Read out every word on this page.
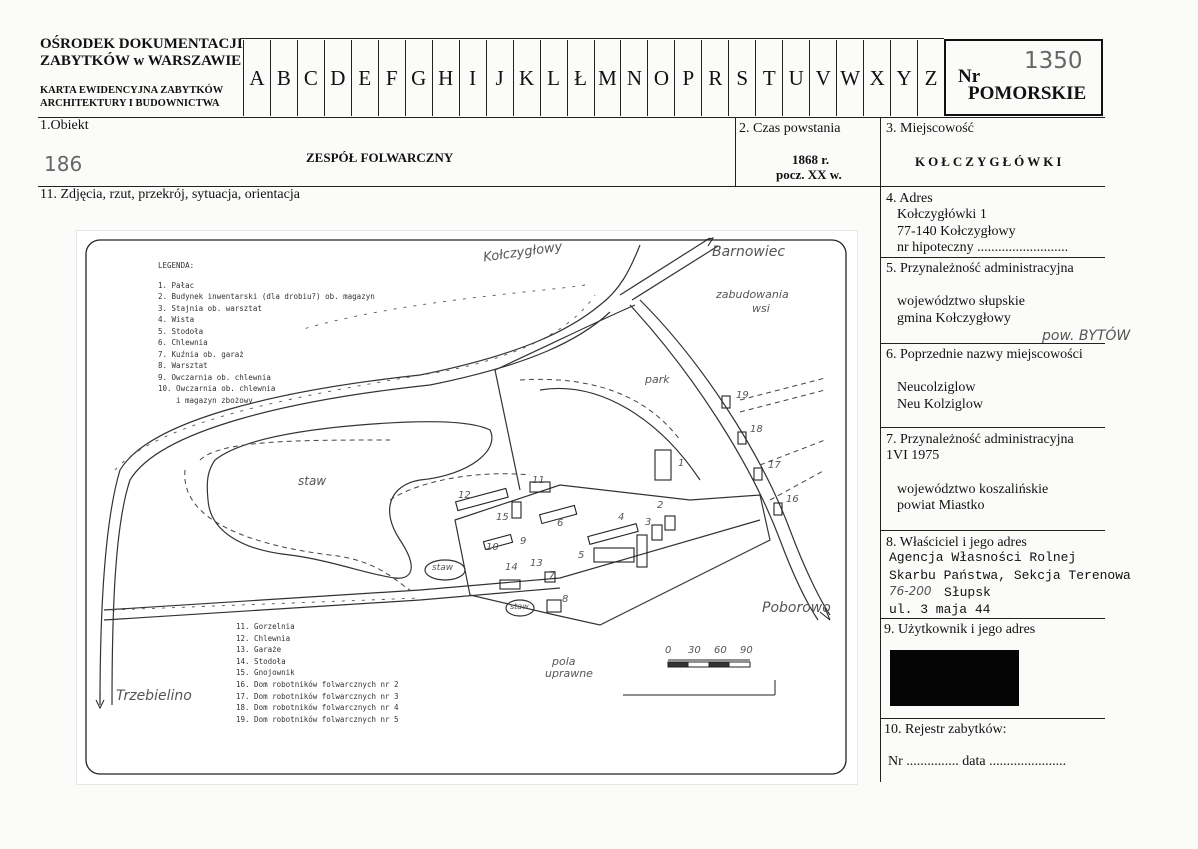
OŚRODEK DOKUMENTACJI
ZABYTKÓW w WARSZAWIE
KARTA EWIDENCYJNA ZABYTKÓW
ARCHITEKTURY I BUDOWNICTWA
A B C D E F G H I J K L Ł M N O P R S T U V W X Y Z	Nr
1350
POMORSKIE
1.Obiekt
186	ZESPÓŁ FOLWARCZNY
2. Czas powstania
1868 r.
pocz. XX w.
3. Miejscowość
KOŁCZYGŁÓWKI
11. Zdjęcia, rzut, przekrój, sytuacja, orientacja	4. Adres
Kołczygłówki 1
77-140 Kołczygłowy
nr hipoteczny ..........................
5. Przynależność administracyjna
województwo słupskie
gmina Kołczygłowy
pow. BYTÓW
6. Poprzednie nazwy miejscowości
Neucolziglow
Neu Kolziglow
7. Przynależność administracyjna
1VI 1975
województwo koszalińskie
powiat Miastko
8. Właściciel i jego adres
Agencja Własności Rolnej
Skarbu Państwa, Sekcja Terenowa
76-200 Słupsk
ul. 3 maja 44
9. Użytkownik i jego adres
10. Rejestr zabytków:
Nr ............... data ......................
LEGENDA:
1. Pałac
2. Budynek inwentarski (dla drobiu?) ob. magazyn
3. Stajnia ob. warsztat
4. Wista
5. Stodoła
6. Chlewnia
7. Kuźnia ob. garaż
8. Warsztat
9. Owczarnia ob. chlewnia
10. Owczarnia ob. chlewnia
i magazyn zbożowy
11. Gorzelnia
12. Chlewnia
13. Garaże
14. Stodoła
15. Gnojownik
16. Dom robotników folwarcznych nr 2
17. Dom robotników folwarcznych nr 3
18. Dom robotników folwarcznych nr 4
19. Dom robotników folwarcznych nr 5
Kołczygłowy	Barnowiec
zabudowania
wsi
park
staw
staw
staw	Poborowo
Trzebielino
pola
uprawne
0 30 60 90
1
2
3
4
5
6
7
8
9
10
11
12
13
14
15
16
17
18
19
